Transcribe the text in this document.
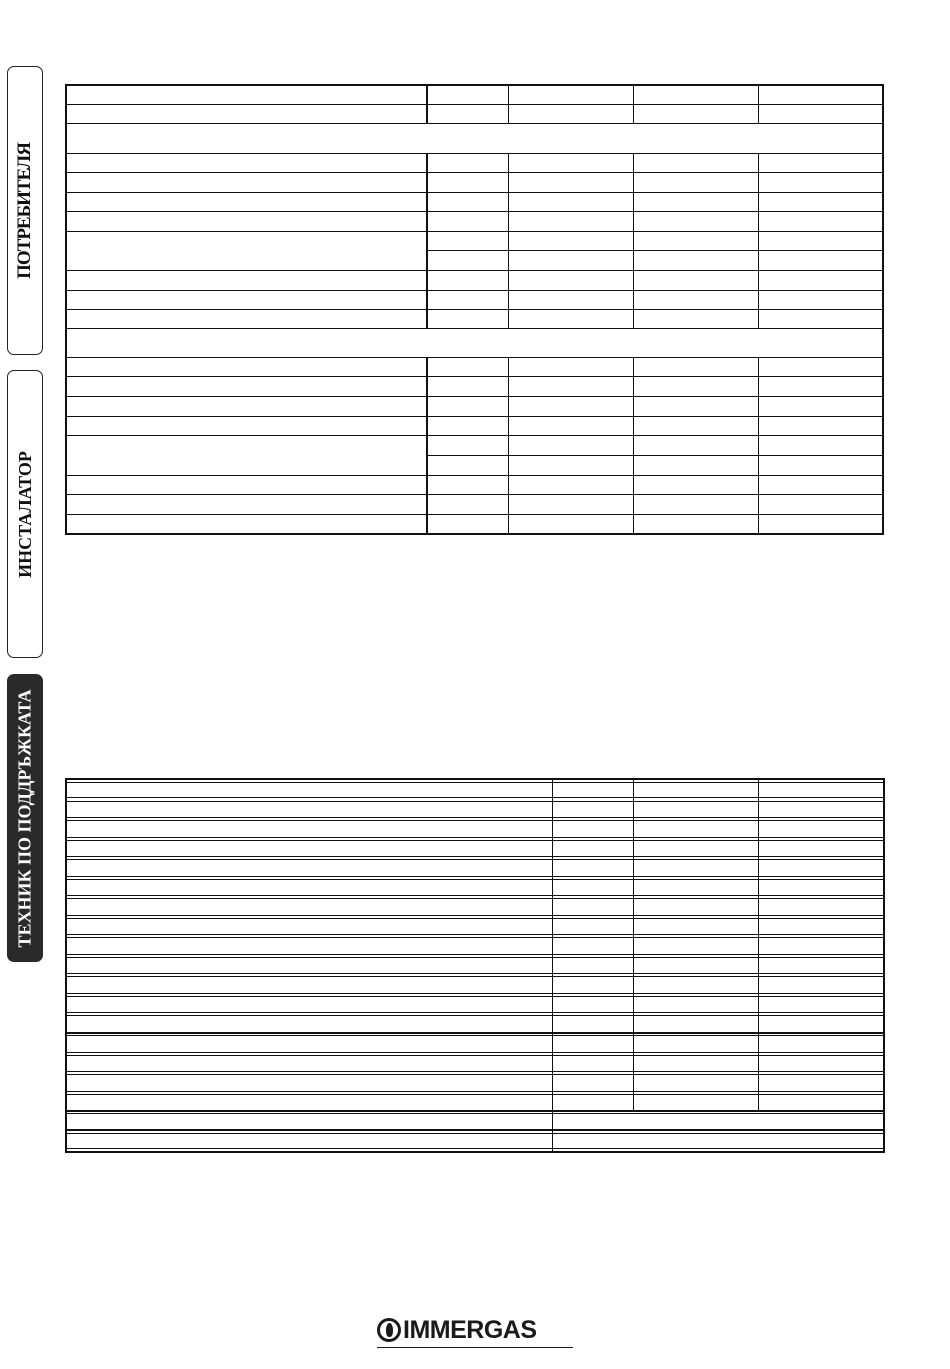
ПОТРЕБИТЕЛЯ
ИНСТАЛАТОР
ТЕХНИК ПО ПОДДРЪЖКАТА
IMMERGAS
